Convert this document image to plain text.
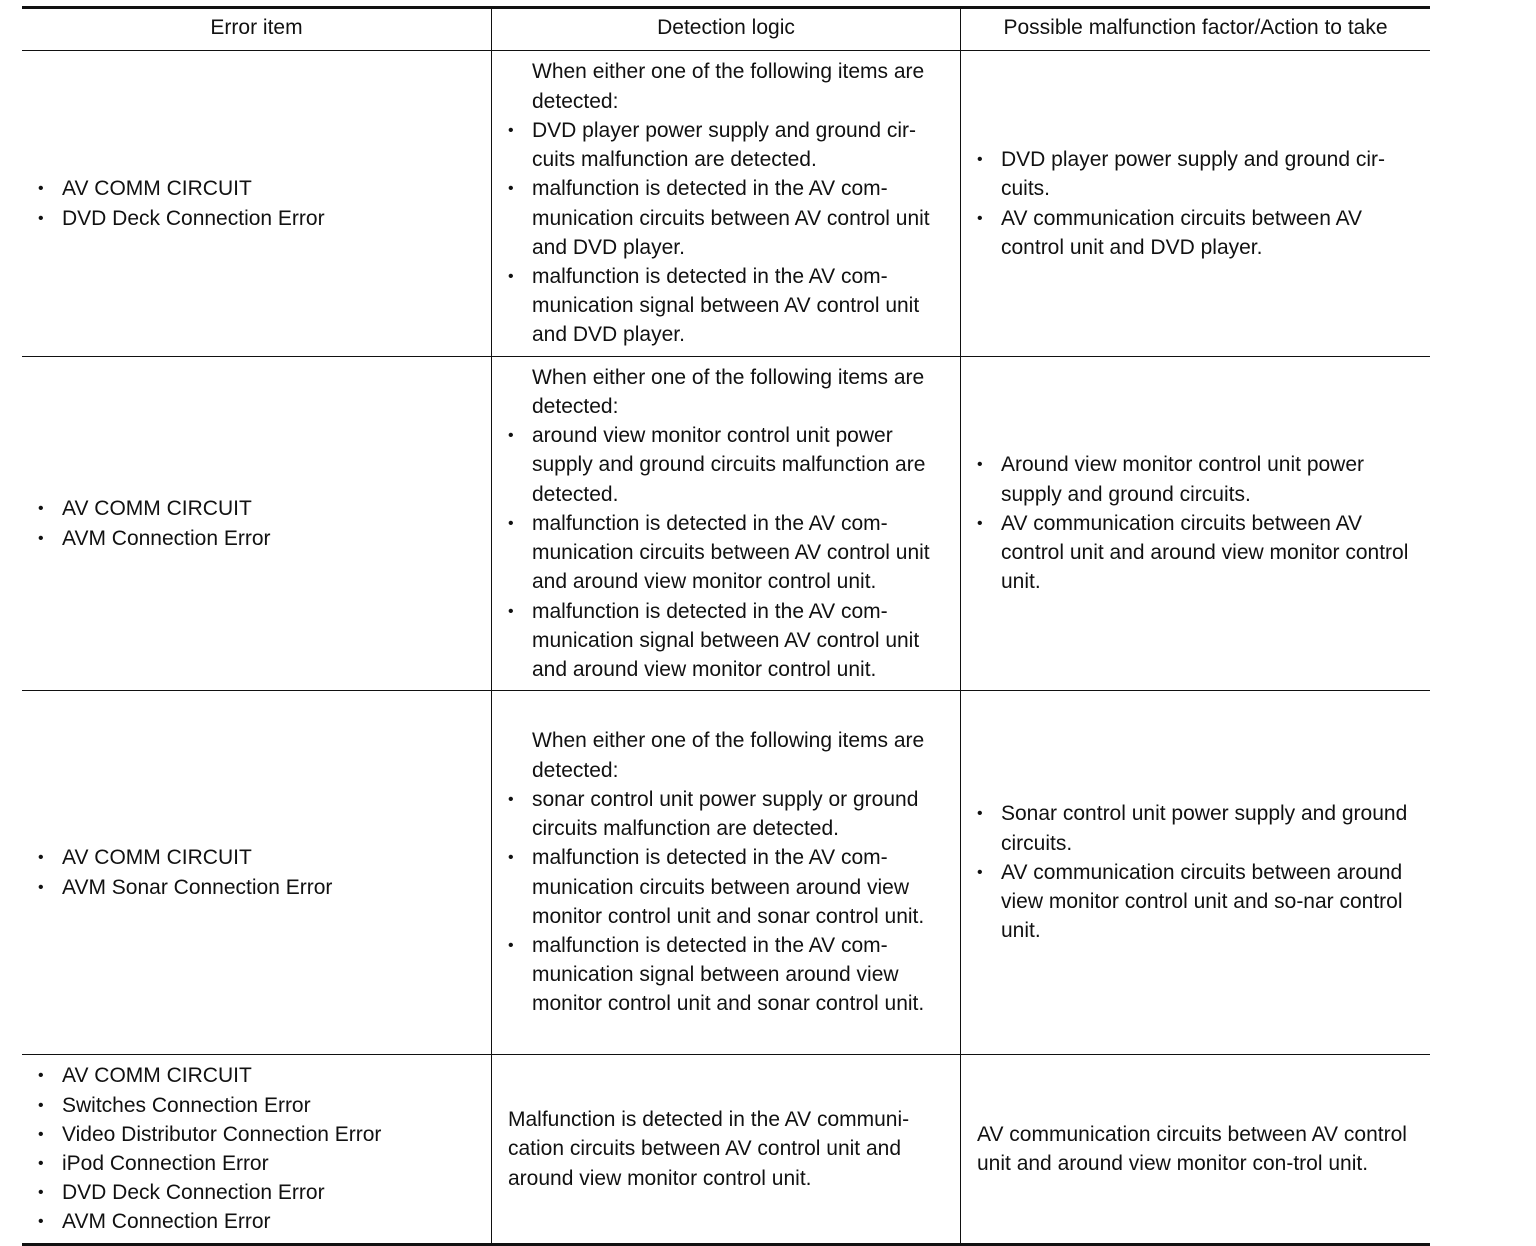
Error item	Detection logic	Possible malfunction factor/Action to take
• AV COMM CIRCUIT
• DVD Deck Connection Error
When either one of the following items are detected:
• DVD player power supply and ground cir-cuits malfunction are detected.
• malfunction is detected in the AV com-munication circuits between AV control unit and DVD player.
• malfunction is detected in the AV com-munication signal between AV control unit and DVD player.
• DVD player power supply and ground cir-cuits.
• AV communication circuits between AV control unit and DVD player.
• AV COMM CIRCUIT
• AVM Connection Error
When either one of the following items are detected:
• around view monitor control unit power supply and ground circuits malfunction are detected.
• malfunction is detected in the AV com-munication circuits between AV control unit and around view monitor control unit.
• malfunction is detected in the AV com-munication signal between AV control unit and around view monitor control unit.
• Around view monitor control unit power supply and ground circuits.
• AV communication circuits between AV control unit and around view monitor control unit.
• AV COMM CIRCUIT
• AVM Sonar Connection Error
When either one of the following items are detected:
• sonar control unit power supply or ground circuits malfunction are detected.
• malfunction is detected in the AV com-munication circuits between around view monitor control unit and sonar control unit.
• malfunction is detected in the AV com-munication signal between around view monitor control unit and sonar control unit.
• Sonar control unit power supply and ground circuits.
• AV communication circuits between around view monitor control unit and so-nar control unit.
• AV COMM CIRCUIT
• Switches Connection Error
• Video Distributor Connection Error
• iPod Connection Error
• DVD Deck Connection Error
• AVM Connection Error
Malfunction is detected in the AV communi-cation circuits between AV control unit and around view monitor control unit.
AV communication circuits between AV control unit and around view monitor con-trol unit.
